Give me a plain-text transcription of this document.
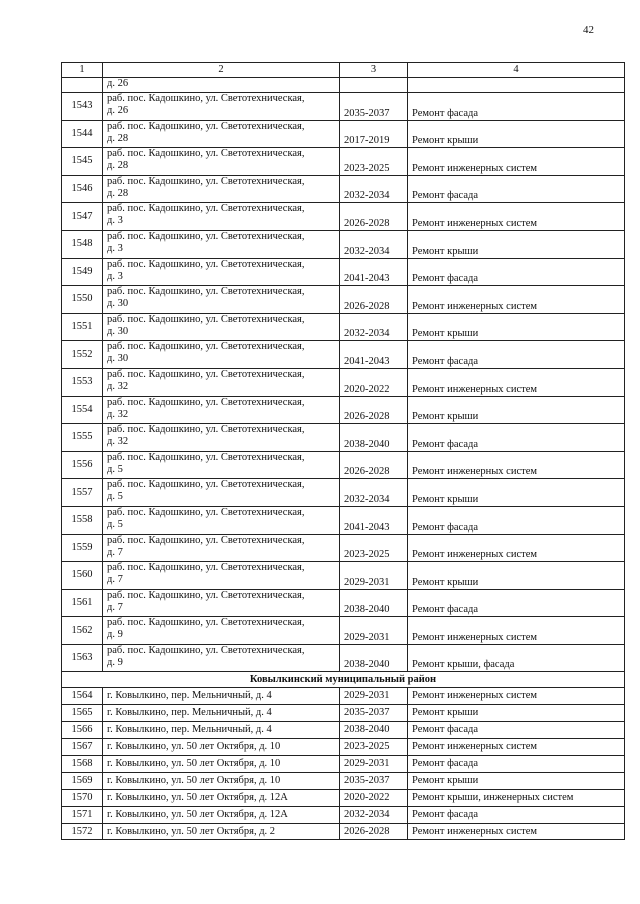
42
1	2	3	4
	д. 26		
1543	раб. пос. Кадошкино, ул. Светотехническая,
д. 26	2035-2037	Ремонт фасада
1544	раб. пос. Кадошкино, ул. Светотехническая,
д. 28	2017-2019	Ремонт крыши
1545	раб. пос. Кадошкино, ул. Светотехническая,
д. 28	2023-2025	Ремонт инженерных систем
1546	раб. пос. Кадошкино, ул. Светотехническая,
д. 28	2032-2034	Ремонт фасада
1547	раб. пос. Кадошкино, ул. Светотехническая,
д. 3	2026-2028	Ремонт инженерных систем
1548	раб. пос. Кадошкино, ул. Светотехническая,
д. 3	2032-2034	Ремонт крыши
1549	раб. пос. Кадошкино, ул. Светотехническая,
д. 3	2041-2043	Ремонт фасада
1550	раб. пос. Кадошкино, ул. Светотехническая,
д. 30	2026-2028	Ремонт инженерных систем
1551	раб. пос. Кадошкино, ул. Светотехническая,
д. 30	2032-2034	Ремонт крыши
1552	раб. пос. Кадошкино, ул. Светотехническая,
д. 30	2041-2043	Ремонт фасада
1553	раб. пос. Кадошкино, ул. Светотехническая,
д. 32	2020-2022	Ремонт инженерных систем
1554	раб. пос. Кадошкино, ул. Светотехническая,
д. 32	2026-2028	Ремонт крыши
1555	раб. пос. Кадошкино, ул. Светотехническая,
д. 32	2038-2040	Ремонт фасада
1556	раб. пос. Кадошкино, ул. Светотехническая,
д. 5	2026-2028	Ремонт инженерных систем
1557	раб. пос. Кадошкино, ул. Светотехническая,
д. 5	2032-2034	Ремонт крыши
1558	раб. пос. Кадошкино, ул. Светотехническая,
д. 5	2041-2043	Ремонт фасада
1559	раб. пос. Кадошкино, ул. Светотехническая,
д. 7	2023-2025	Ремонт инженерных систем
1560	раб. пос. Кадошкино, ул. Светотехническая,
д. 7	2029-2031	Ремонт крыши
1561	раб. пос. Кадошкино, ул. Светотехническая,
д. 7	2038-2040	Ремонт фасада
1562	раб. пос. Кадошкино, ул. Светотехническая,
д. 9	2029-2031	Ремонт инженерных систем
1563	раб. пос. Кадошкино, ул. Светотехническая,
д. 9	2038-2040	Ремонт крыши, фасада
Ковылкинский муниципальный район			
1564	г. Ковылкино, пер. Мельничный, д. 4	2029-2031	Ремонт инженерных систем
1565	г. Ковылкино, пер. Мельничный, д. 4	2035-2037	Ремонт крыши
1566	г. Ковылкино, пер. Мельничный, д. 4	2038-2040	Ремонт фасада
1567	г. Ковылкино, ул. 50 лет Октября, д. 10	2023-2025	Ремонт инженерных систем
1568	г. Ковылкино, ул. 50 лет Октября, д. 10	2029-2031	Ремонт фасада
1569	г. Ковылкино, ул. 50 лет Октября, д. 10	2035-2037	Ремонт крыши
1570	г. Ковылкино, ул. 50 лет Октября, д. 12А	2020-2022	Ремонт крыши, инженерных систем
1571	г. Ковылкино, ул. 50 лет Октября, д. 12А	2032-2034	Ремонт фасада
1572	г. Ковылкино, ул. 50 лет Октября, д. 2	2026-2028	Ремонт инженерных систем
